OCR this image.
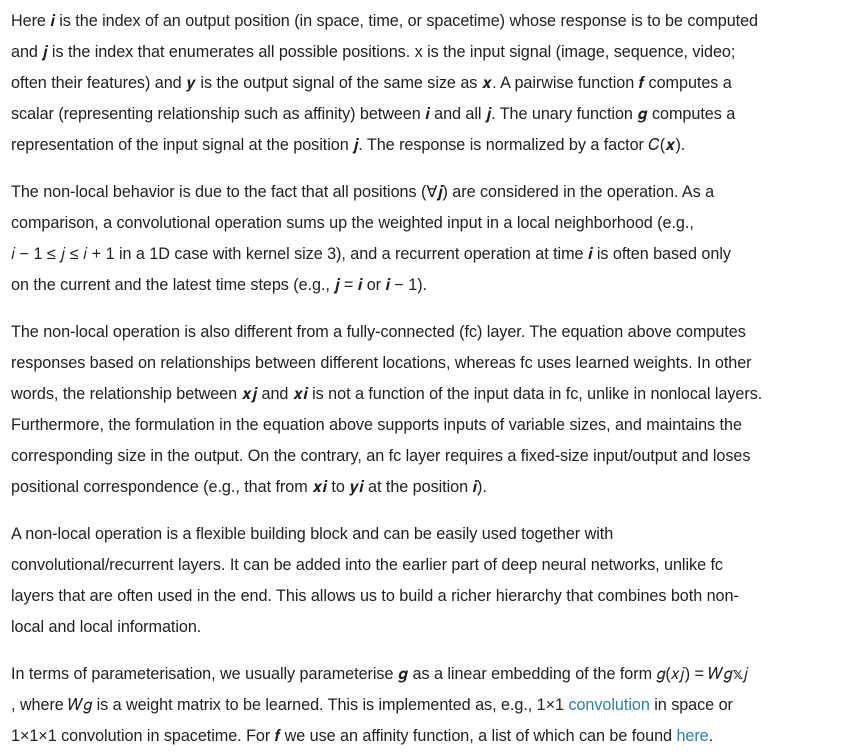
Here 𝒊 is the index of an output position (in space, time, or spacetime) whose response is to be computed
and 𝒋 is the index that enumerates all possible positions. x is the input signal (image, sequence, video;
often their features) and 𝒚 is the output signal of the same size as 𝒙. A pairwise function 𝒇 computes a
scalar (representing relationship such as affinity) between 𝒊 and all 𝒋. The unary function 𝒈 computes a
representation of the input signal at the position 𝒋. The response is normalized by a factor 𝐶(𝒙).

The non-local behavior is due to the fact that all positions (∀𝒋) are considered in the operation. As a
comparison, a convolutional operation sums up the weighted input in a local neighborhood (e.g.,
𝑖 − 1 ≤ 𝑗 ≤ 𝑖 + 1 in a 1D case with kernel size 3), and a recurrent operation at time 𝒊 is often based only
on the current and the latest time steps (e.g., 𝒋 = 𝒊 or 𝒊 − 1).

The non-local operation is also different from a fully-connected (fc) layer. The equation above computes
responses based on relationships between different locations, whereas fc uses learned weights. In other
words, the relationship between 𝒙𝒋 and 𝒙𝒊 is not a function of the input data in fc, unlike in nonlocal layers.
Furthermore, the formulation in the equation above supports inputs of variable sizes, and maintains the
corresponding size in the output. On the contrary, an fc layer requires a fixed-size input/output and loses
positional correspondence (e.g., that from 𝒙𝒊 to 𝒚𝒊 at the position 𝒊).

A non-local operation is a flexible building block and can be easily used together with
convolutional/recurrent layers. It can be added into the earlier part of deep neural networks, unlike fc
layers that are often used in the end. This allows us to build a richer hierarchy that combines both non-
local and local information.

In terms of parameterisation, we usually parameterise 𝒈 as a linear embedding of the form 𝑔(𝑥𝑗) = 𝑊𝑔𝕩𝑗
, where 𝑊𝑔 is a weight matrix to be learned. This is implemented as, e.g., 1×1 convolution in space or
1×1×1 convolution in spacetime. For 𝒇 we use an affinity function, a list of which can be found here.
